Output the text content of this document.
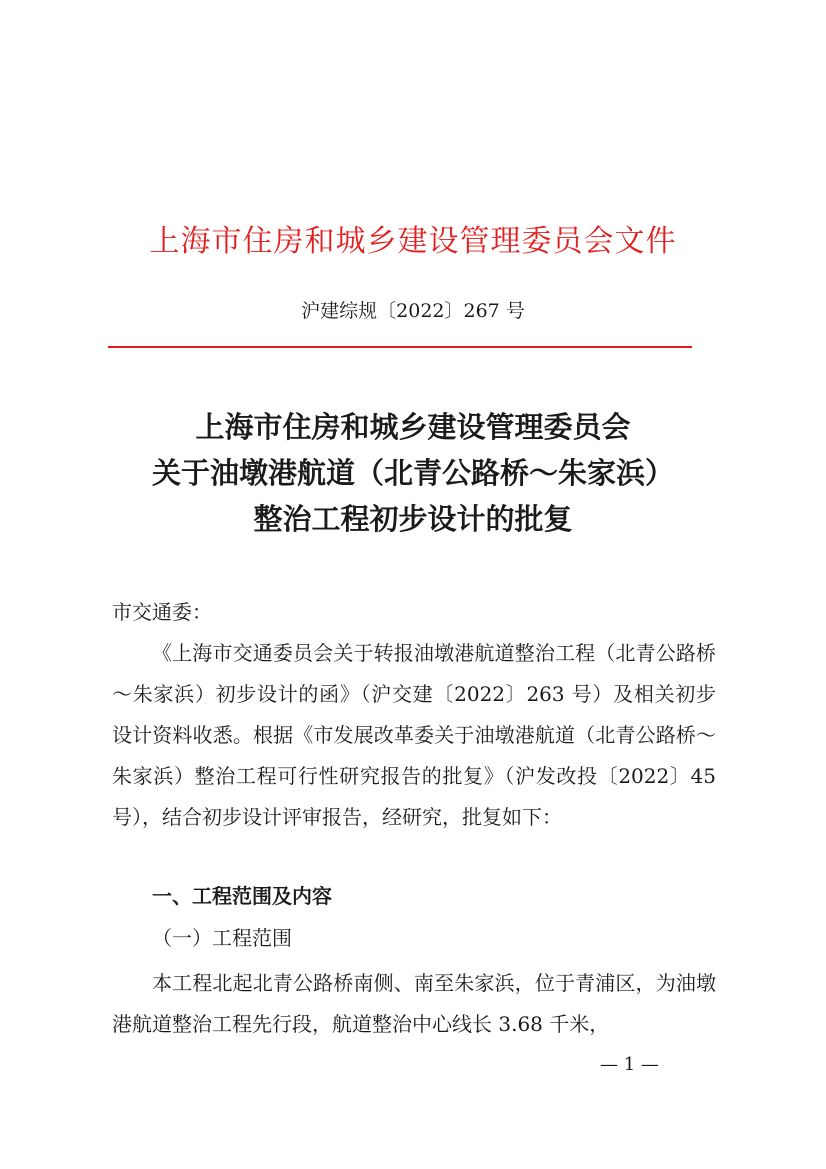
上海市住房和城乡建设管理委员会文件
沪建综规〔2022〕267 号
上海市住房和城乡建设管理委员会
关于油墩港航道（北青公路桥～朱家浜）
整治工程初步设计的批复
市交通委：
《上海市交通委员会关于转报油墩港航道整治工程（北青公路桥～朱家浜）初步设计的函》（沪交建〔2022〕263 号）及相关初步设计资料收悉。根据《市发展改革委关于油墩港航道（北青公路桥～朱家浜）整治工程可行性研究报告的批复》（沪发改投〔2022〕45 号），结合初步设计评审报告，经研究，批复如下：
一、工程范围及内容
（一）工程范围
本工程北起北青公路桥南侧、南至朱家浜，位于青浦区，为油墩港航道整治工程先行段，航道整治中心线长 3.68 千米，
— 1 —
